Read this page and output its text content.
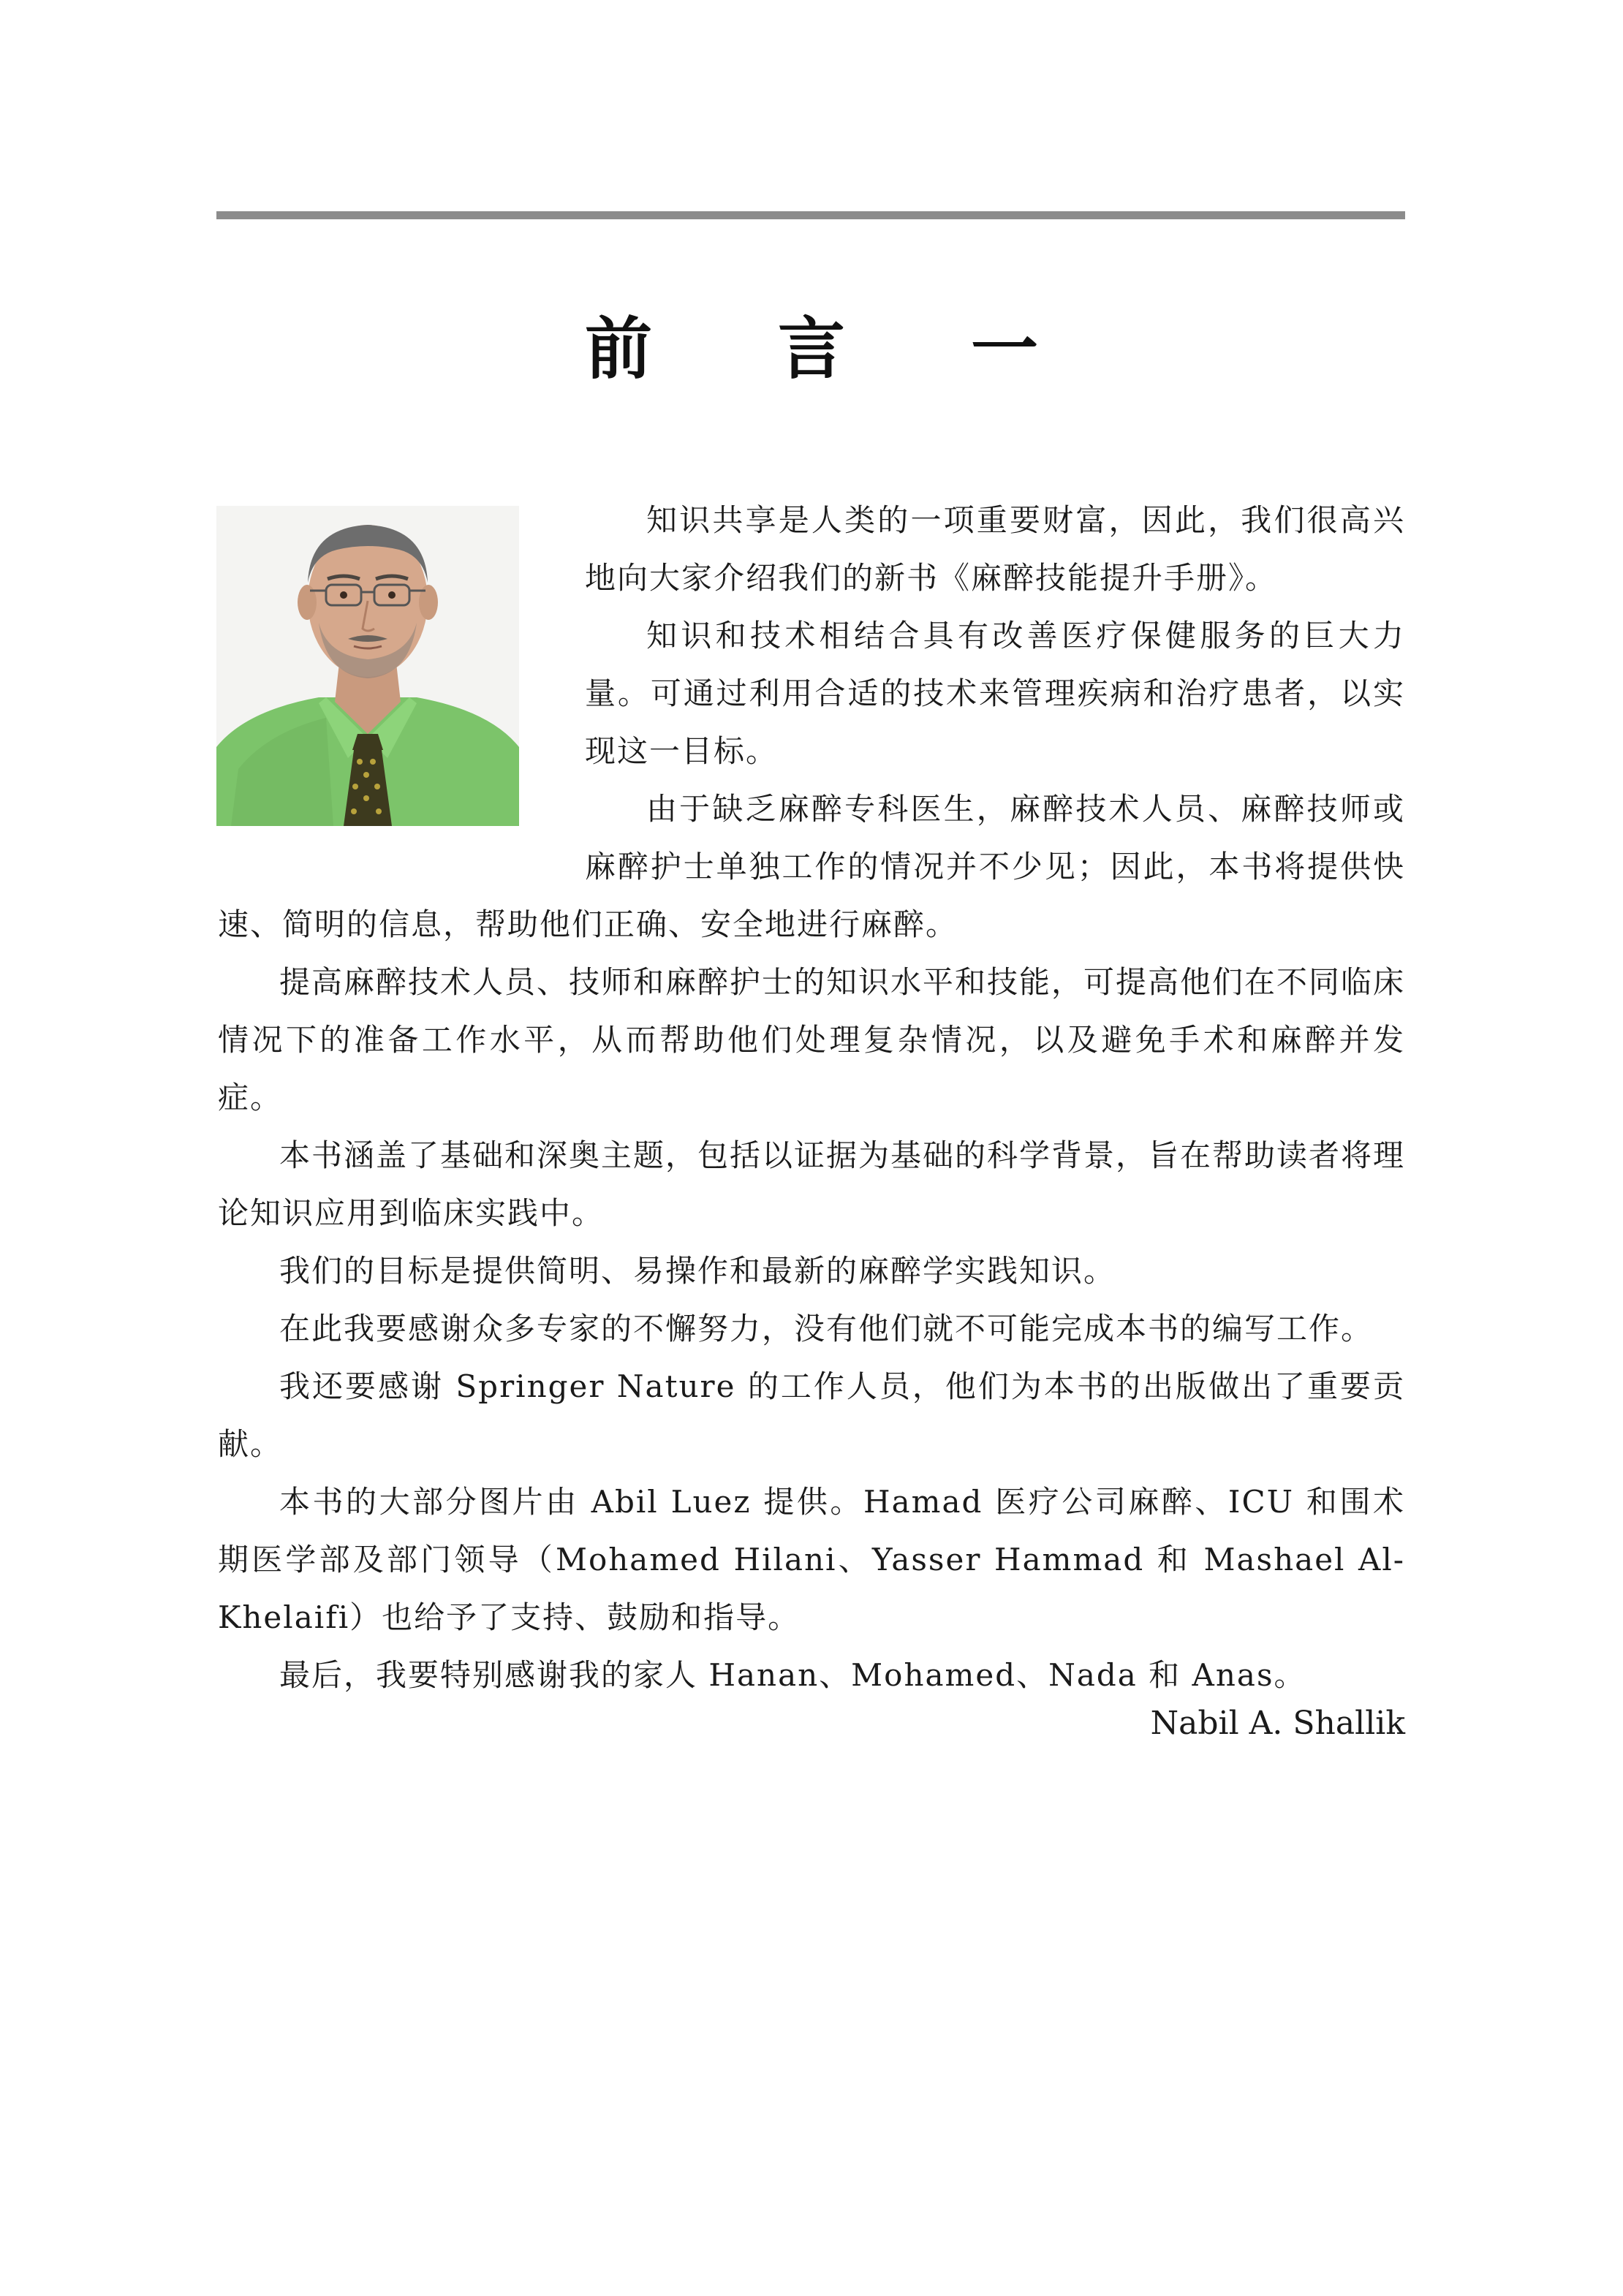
前 言 一

知识共享是人类的一项重要财富，因此，我们很高兴地向大家介绍我们的新书《麻醉技能提升手册》。

知识和技术相结合具有改善医疗保健服务的巨大力量。可通过利用合适的技术来管理疾病和治疗患者，以实现这一目标。

由于缺乏麻醉专科医生，麻醉技术人员、麻醉技师或麻醉护士单独工作的情况并不少见；因此，本书将提供快速、简明的信息，帮助他们正确、安全地进行麻醉。

提高麻醉技术人员、技师和麻醉护士的知识水平和技能，可提高他们在不同临床情况下的准备工作水平，从而帮助他们处理复杂情况，以及避免手术和麻醉并发症。

本书涵盖了基础和深奥主题，包括以证据为基础的科学背景，旨在帮助读者将理论知识应用到临床实践中。

我们的目标是提供简明、易操作和最新的麻醉学实践知识。

在此我要感谢众多专家的不懈努力，没有他们就不可能完成本书的编写工作。

我还要感谢 Springer Nature 的工作人员，他们为本书的出版做出了重要贡献。

本书的大部分图片由 Abil Luez 提供。Hamad 医疗公司麻醉、ICU 和围术期医学部及部门领导（Mohamed Hilani、Yasser Hammad 和 Mashael Al-Khelaifi）也给予了支持、鼓励和指导。

最后，我要特别感谢我的家人 Hanan、Mohamed、Nada 和 Anas。

Nabil A. Shallik
